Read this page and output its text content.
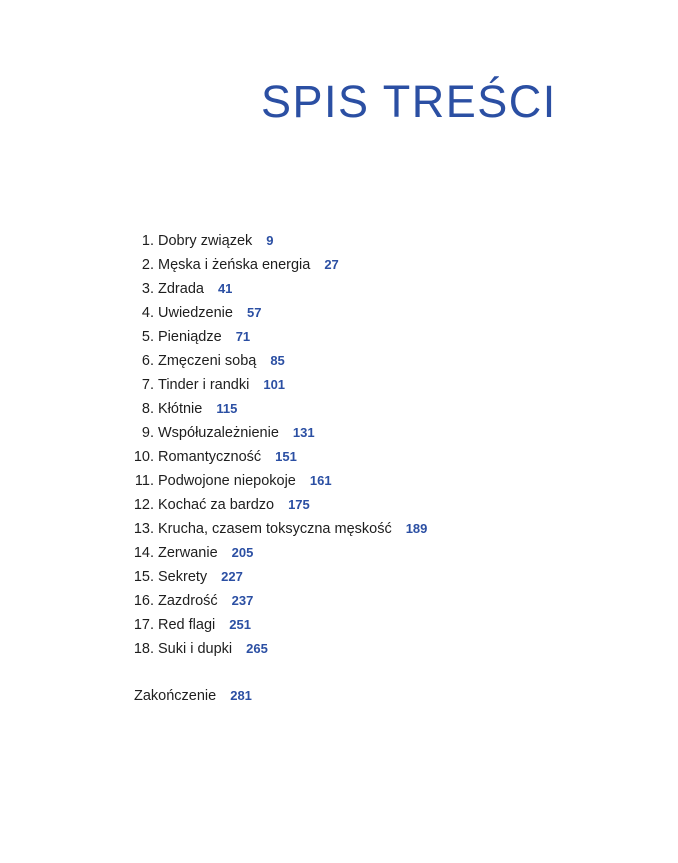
SPIS TREŚCI
1. Dobry związek 9
2. Męska i żeńska energia 27
3. Zdrada 41
4. Uwiedzenie 57
5. Pieniądze 71
6. Zmęczeni sobą 85
7. Tinder i randki 101
8. Kłótnie 115
9. Współuzależnienie 131
10. Romantyczność 151
11. Podwojone niepokoje 161
12. Kochać za bardzo 175
13. Krucha, czasem toksyczna męskość 189
14. Zerwanie 205
15. Sekrety 227
16. Zazdrość 237
17. Red flagi 251
18. Suki i dupki 265
Zakończenie 281
